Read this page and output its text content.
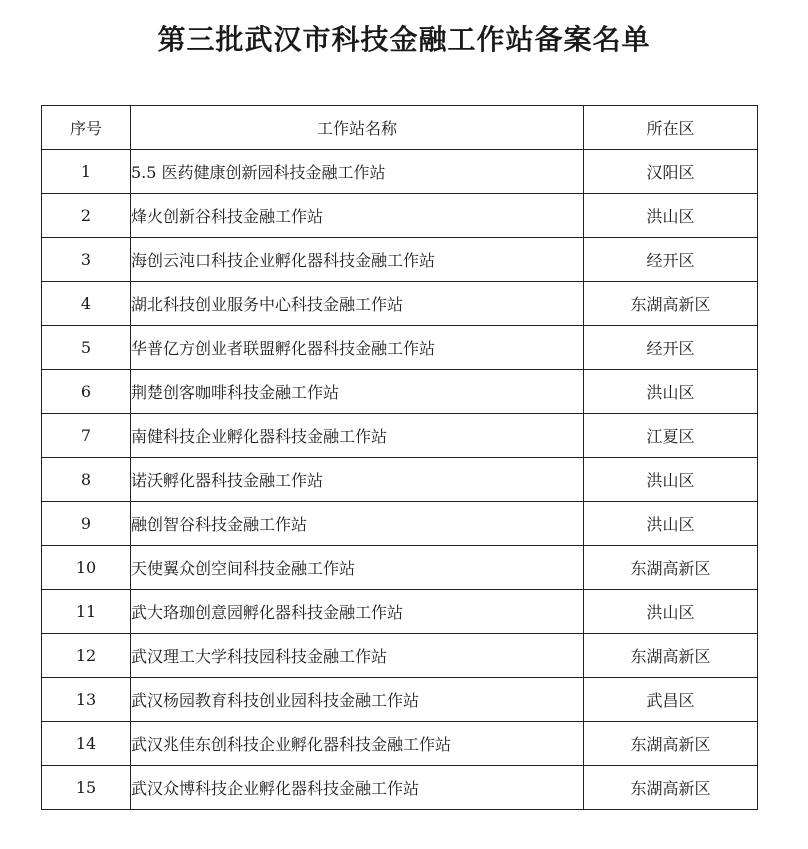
第三批武汉市科技金融工作站备案名单
序号	工作站名称	所在区
1	5.5 医药健康创新园科技金融工作站	汉阳区
2	烽火创新谷科技金融工作站	洪山区
3	海创云沌口科技企业孵化器科技金融工作站	经开区
4	湖北科技创业服务中心科技金融工作站	东湖高新区
5	华普亿方创业者联盟孵化器科技金融工作站	经开区
6	荆楚创客咖啡科技金融工作站	洪山区
7	南健科技企业孵化器科技金融工作站	江夏区
8	诺沃孵化器科技金融工作站	洪山区
9	融创智谷科技金融工作站	洪山区
10	天使翼众创空间科技金融工作站	东湖高新区
11	武大珞珈创意园孵化器科技金融工作站	洪山区
12	武汉理工大学科技园科技金融工作站	东湖高新区
13	武汉杨园教育科技创业园科技金融工作站	武昌区
14	武汉兆佳东创科技企业孵化器科技金融工作站	东湖高新区
15	武汉众博科技企业孵化器科技金融工作站	东湖高新区
